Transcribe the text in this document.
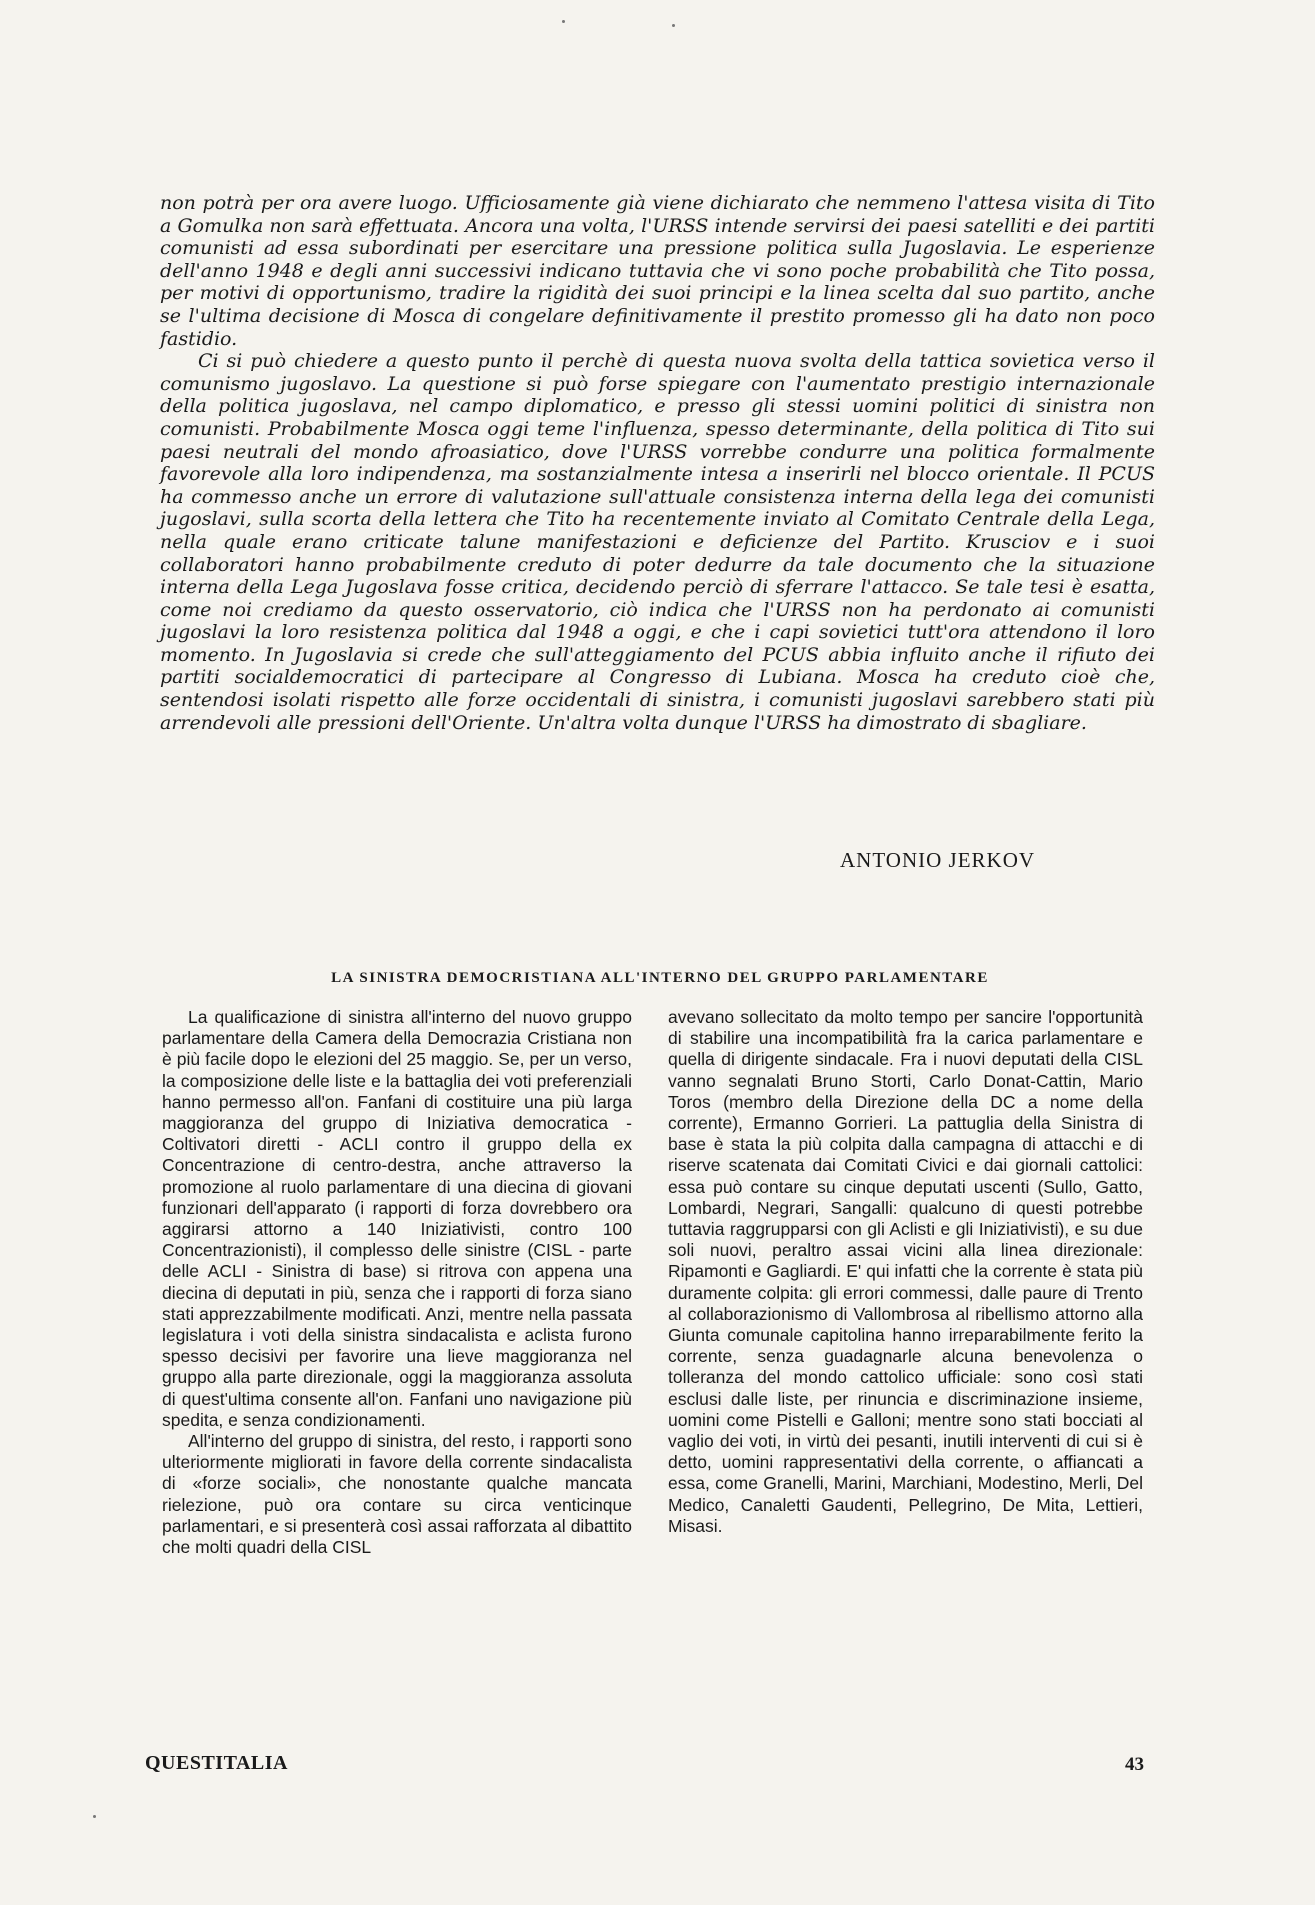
non potrà per ora avere luogo. Ufficiosamente già viene dichiarato che nemmeno l'attesa visita di Tito a Gomulka non sarà effettuata. Ancora una volta, l'URSS intende servirsi dei paesi satelliti e dei partiti comunisti ad essa subordinati per esercitare una pressione politica sulla Jugoslavia. Le esperienze dell'anno 1948 e degli anni successivi indicano tuttavia che vi sono poche probabilità che Tito possa, per motivi di opportunismo, tradire la rigidità dei suoi principi e la linea scelta dal suo partito, anche se l'ultima decisione di Mosca di congelare definitivamente il prestito promesso gli ha dato non poco fastidio.

Ci si può chiedere a questo punto il perchè di questa nuova svolta della tattica sovietica verso il comunismo jugoslavo. La questione si può forse spiegare con l'aumentato prestigio internazionale della politica jugoslava, nel campo diplomatico, e presso gli stessi uomini politici di sinistra non comunisti. Probabilmente Mosca oggi teme l'influenza, spesso determinante, della politica di Tito sui paesi neutrali del mondo afroasiatico, dove l'URSS vorrebbe condurre una politica formalmente favorevole alla loro indipendenza, ma sostanzialmente intesa a inserirli nel blocco orientale. Il PCUS ha commesso anche un errore di valutazione sull'attuale consistenza interna della lega dei comunisti jugoslavi, sulla scorta della lettera che Tito ha recentemente inviato al Comitato Centrale della Lega, nella quale erano criticate talune manifestazioni e deficienze del Partito. Krusciov e i suoi collaboratori hanno probabilmente creduto di poter dedurre da tale documento che la situazione interna della Lega Jugoslava fosse critica, decidendo perciò di sferrare l'attacco. Se tale tesi è esatta, come noi crediamo da questo osservatorio, ciò indica che l'URSS non ha perdonato ai comunisti jugoslavi la loro resistenza politica dal 1948 a oggi, e che i capi sovietici tutt'ora attendono il loro momento. In Jugoslavia si crede che sull'atteggiamento del PCUS abbia influito anche il rifiuto dei partiti socialdemocratici di partecipare al Congresso di Lubiana. Mosca ha creduto cioè che, sentendosi isolati rispetto alle forze occidentali di sinistra, i comunisti jugoslavi sarebbero stati più arrendevoli alle pressioni dell'Oriente. Un'altra volta dunque l'URSS ha dimostrato di sbagliare.

ANTONIO JERKOV
LA SINISTRA DEMOCRISTIANA ALL'INTERNO DEL GRUPPO PARLAMENTARE

La qualificazione di sinistra all'interno del nuovo gruppo parlamentare della Camera della Democrazia Cristiana non è più facile dopo le elezioni del 25 maggio. Se, per un verso, la composizione delle liste e la battaglia dei voti preferenziali hanno permesso all'on. Fanfani di costituire una più larga maggioranza del gruppo di Iniziativa democratica - Coltivatori diretti - ACLI contro il gruppo della ex Concentrazione di centro-destra, anche attraverso la promozione al ruolo parlamentare di una diecina di giovani funzionari dell'apparato (i rapporti di forza dovrebbero ora aggirarsi attorno a 140 Iniziativisti, contro 100 Concentrazionisti), il complesso delle sinistre (CISL - parte delle ACLI - Sinistra di base) si ritrova con appena una diecina di deputati in più, senza che i rapporti di forza siano stati apprezzabilmente modificati. Anzi, mentre nella passata legislatura i voti della sinistra sindacalista e aclista furono spesso decisivi per favorire una lieve maggioranza nel gruppo alla parte direzionale, oggi la maggioranza assoluta di quest'ultima consente all'on. Fanfani uno navigazione più spedita, e senza condizionamenti.

All'interno del gruppo di sinistra, del resto, i rapporti sono ulteriormente migliorati in favore della corrente sindacalista di «forze sociali», che nonostante qualche mancata rielezione, può ora contare su circa venticinque parlamentari, e si presenterà così assai rafforzata al dibattito che molti quadri della CISL

avevano sollecitato da molto tempo per sancire l'opportunità di stabilire una incompatibilità fra la carica parlamentare e quella di dirigente sindacale. Fra i nuovi deputati della CISL vanno segnalati Bruno Storti, Carlo Donat-Cattin, Mario Toros (membro della Direzione della DC a nome della corrente), Ermanno Gorrieri. La pattuglia della Sinistra di base è stata la più colpita dalla campagna di attacchi e di riserve scatenata dai Comitati Civici e dai giornali cattolici: essa può contare su cinque deputati uscenti (Sullo, Gatto, Lombardi, Negrari, Sangalli: qualcuno di questi potrebbe tuttavia raggrupparsi con gli Aclisti e gli Iniziativisti), e su due soli nuovi, peraltro assai vicini alla linea direzionale: Ripamonti e Gagliardi. E' qui infatti che la corrente è stata più duramente colpita: gli errori commessi, dalle paure di Trento al collaborazionismo di Vallombrosa al ribellismo attorno alla Giunta comunale capitolina hanno irreparabilmente ferito la corrente, senza guadagnarle alcuna benevolenza o tolleranza del mondo cattolico ufficiale: sono così stati esclusi dalle liste, per rinuncia e discriminazione insieme, uomini come Pistelli e Galloni; mentre sono stati bocciati al vaglio dei voti, in virtù dei pesanti, inutili interventi di cui si è detto, uomini rappresentativi della corrente, o affiancati a essa, come Granelli, Marini, Marchiani, Modestino, Merli, Del Medico, Canaletti Gaudenti, Pellegrino, De Mita, Lettieri, Misasi.

QUESTITALIA	43
